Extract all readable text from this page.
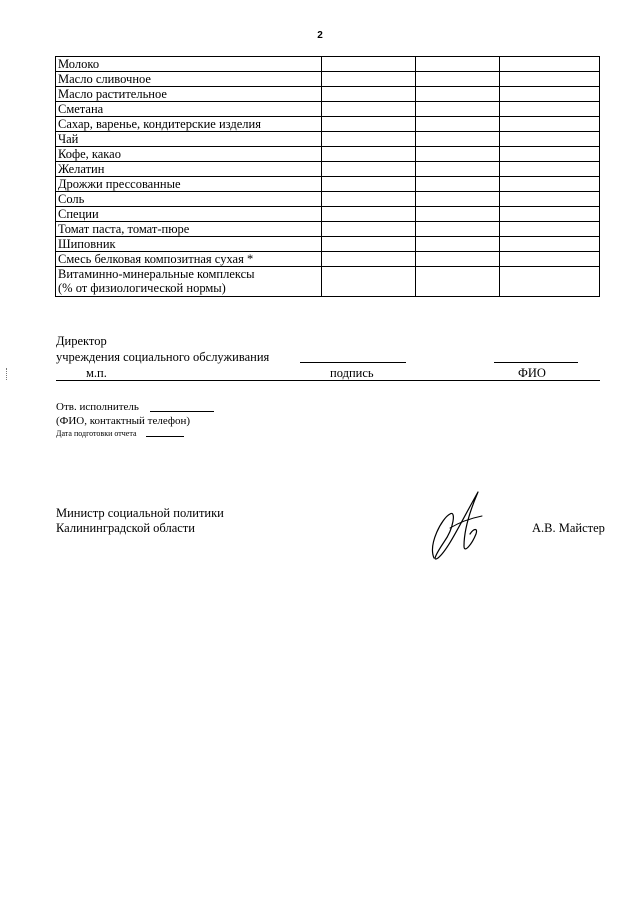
2
Молоко			
Масло сливочное			
Масло растительное			
Сметана			
Сахар, варенье, кондитерские изделия			
Чай			
Кофе, какао			
Желатин			
Дрожжи прессованные			
Соль			
Специи			
Томат паста, томат-пюре			
Шиповник			
Смесь белковая композитная сухая *			

Витаминно-минеральные комплексы
(% от физиологической нормы)			

Директор
учреждения социального обслуживания
м.п.	подпись	ФИО
Отв. исполнитель
(ФИО, контактный телефон)
Дата подготовки отчета
Министр социальной политики
Калининградской области	А.В. Майстер
